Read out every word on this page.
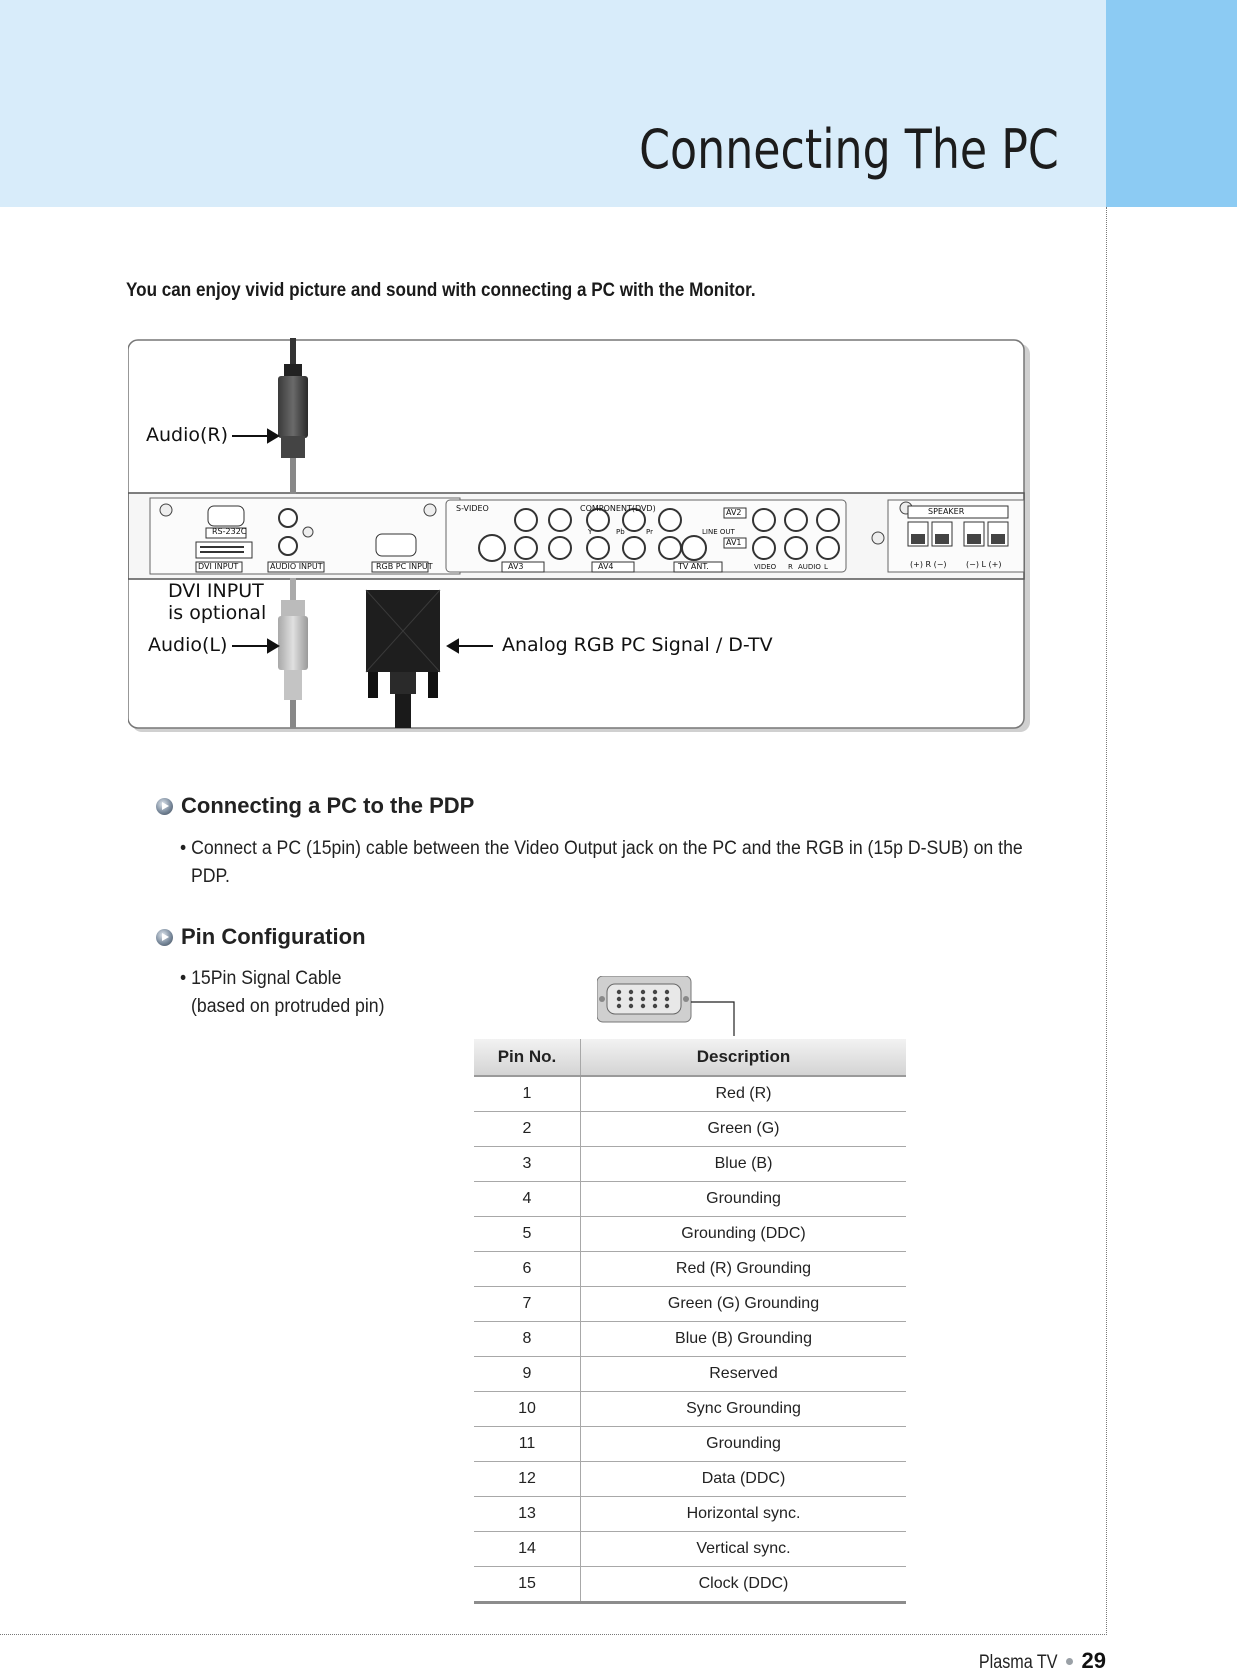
Connecting The PC
You can enjoy vivid picture and sound with connecting a PC with the Monitor.
RS-232C
DVI INPUT	AUDIO INPUT	RGB PC INPUT
S-VIDEO	COMPONENT(DVD)
Y	Pb	Pr
AV3	AV4	TV ANT.
LINE OUT
AV2
AV1
VIDEO R AUDIO L
SPEAKER
(+) R (−) (−) L (+)
Audio(R)
DVI INPUT
is optional
Audio(L)	Analog RGB PC Signal / D-TV
Connecting a PC to the PDP
• Connect a PC (15pin) cable between the Video Output jack on the PC and the RGB in (15p D-SUB) on the
PDP.
Pin Configuration
• 15Pin Signal Cable
(based on protruded pin)
Pin No.	Description
1	Red (R)
2	Green (G)
3	Blue (B)
4	Grounding
5	Grounding (DDC)
6	Red (R) Grounding
7	Green (G) Grounding
8	Blue (B) Grounding
9	Reserved
10	Sync Grounding
11	Grounding
12	Data (DDC)
13	Horizontal sync.
14	Vertical sync.
15	Clock (DDC)
Plasma TV 29
